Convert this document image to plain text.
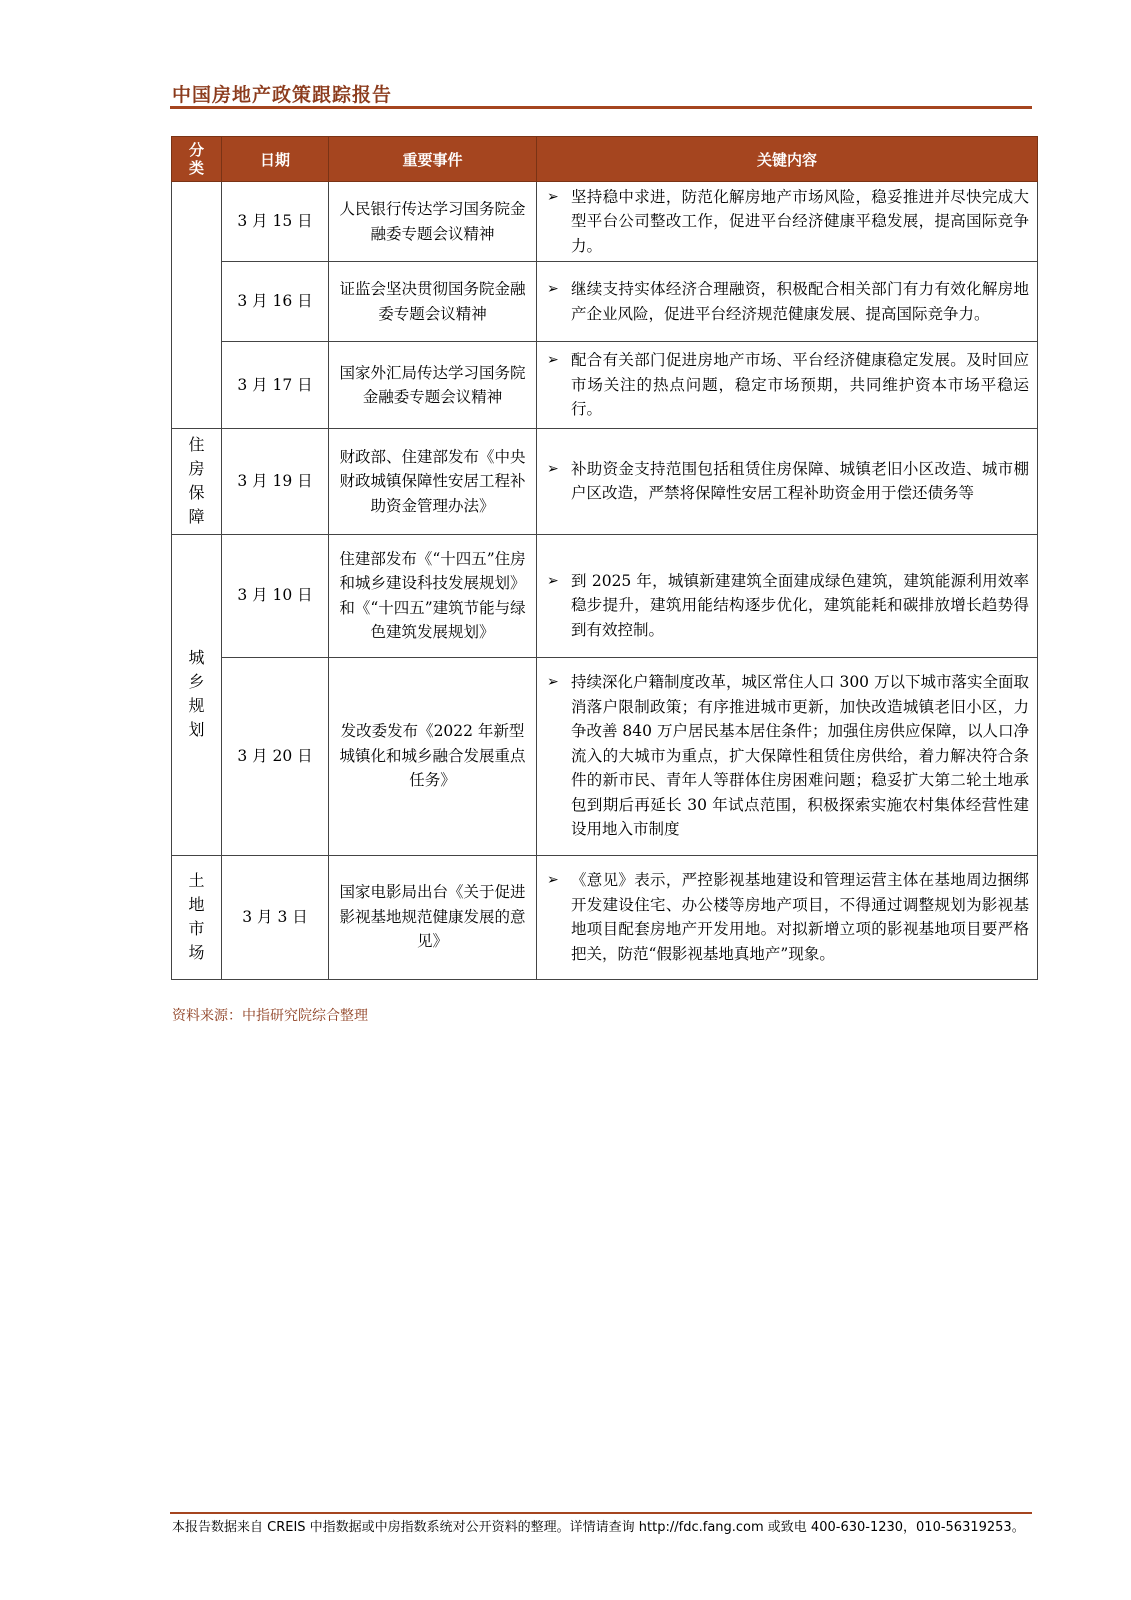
中国房地产政策跟踪报告
分类	日期	重要事件	关键内容
	3 月 15 日	人民银行传达学习国务院金融委专题会议精神	➢ 坚持稳中求进，防范化解房地产市场风险，稳妥推进并尽快完成大型平台公司整改工作，促进平台经济健康平稳发展，提高国际竞争力。

	3 月 16 日	证监会坚决贯彻国务院金融委专题会议精神	➢ 继续支持实体经济合理融资，积极配合相关部门有力有效化解房地产企业风险，促进平台经济规范健康发展、提高国际竞争力。

	3 月 17 日	国家外汇局传达学习国务院金融委专题会议精神	➢ 配合有关部门促进房地产市场、平台经济健康稳定发展。及时回应市场关注的热点问题，稳定市场预期，共同维护资本市场平稳运行。

住房保障	3 月 19 日	财政部、住建部发布《中央财政城镇保障性安居工程补助资金管理办法》	➢ 补助资金支持范围包括租赁住房保障、城镇老旧小区改造、城市棚户区改造，严禁将保障性安居工程补助资金用于偿还债务等

城乡规划	3 月 10 日	住建部发布《“十四五”住房和城乡建设科技发展规划》和《“十四五”建筑节能与绿色建筑发展规划》	➢ 到 2025 年，城镇新建建筑全面建成绿色建筑，建筑能源利用效率稳步提升，建筑用能结构逐步优化，建筑能耗和碳排放增长趋势得到有效控制。

	3 月 20 日	发改委发布《2022 年新型城镇化和城乡融合发展重点任务》	➢ 持续深化户籍制度改革，城区常住人口 300 万以下城市落实全面取消落户限制政策；有序推进城市更新，加快改造城镇老旧小区，力争改善 840 万户居民基本居住条件；加强住房供应保障，以人口净流入的大城市为重点，扩大保障性租赁住房供给，着力解决符合条件的新市民、青年人等群体住房困难问题；稳妥扩大第二轮土地承包到期后再延长 30 年试点范围，积极探索实施农村集体经营性建设用地入市制度

土地市场	3 月 3 日	国家电影局出台《关于促进影视基地规范健康发展的意见》	➢ 《意见》表示，严控影视基地建设和管理运营主体在基地周边捆绑开发建设住宅、办公楼等房地产项目，不得通过调整规划为影视基地项目配套房地产开发用地。对拟新增立项的影视基地项目要严格把关，防范“假影视基地真地产”现象。
资料来源：中指研究院综合整理
本报告数据来自 CREIS 中指数据或中房指数系统对公开资料的整理。详情请查询 http://fdc.fang.com 或致电 400-630-1230，010-56319253。
